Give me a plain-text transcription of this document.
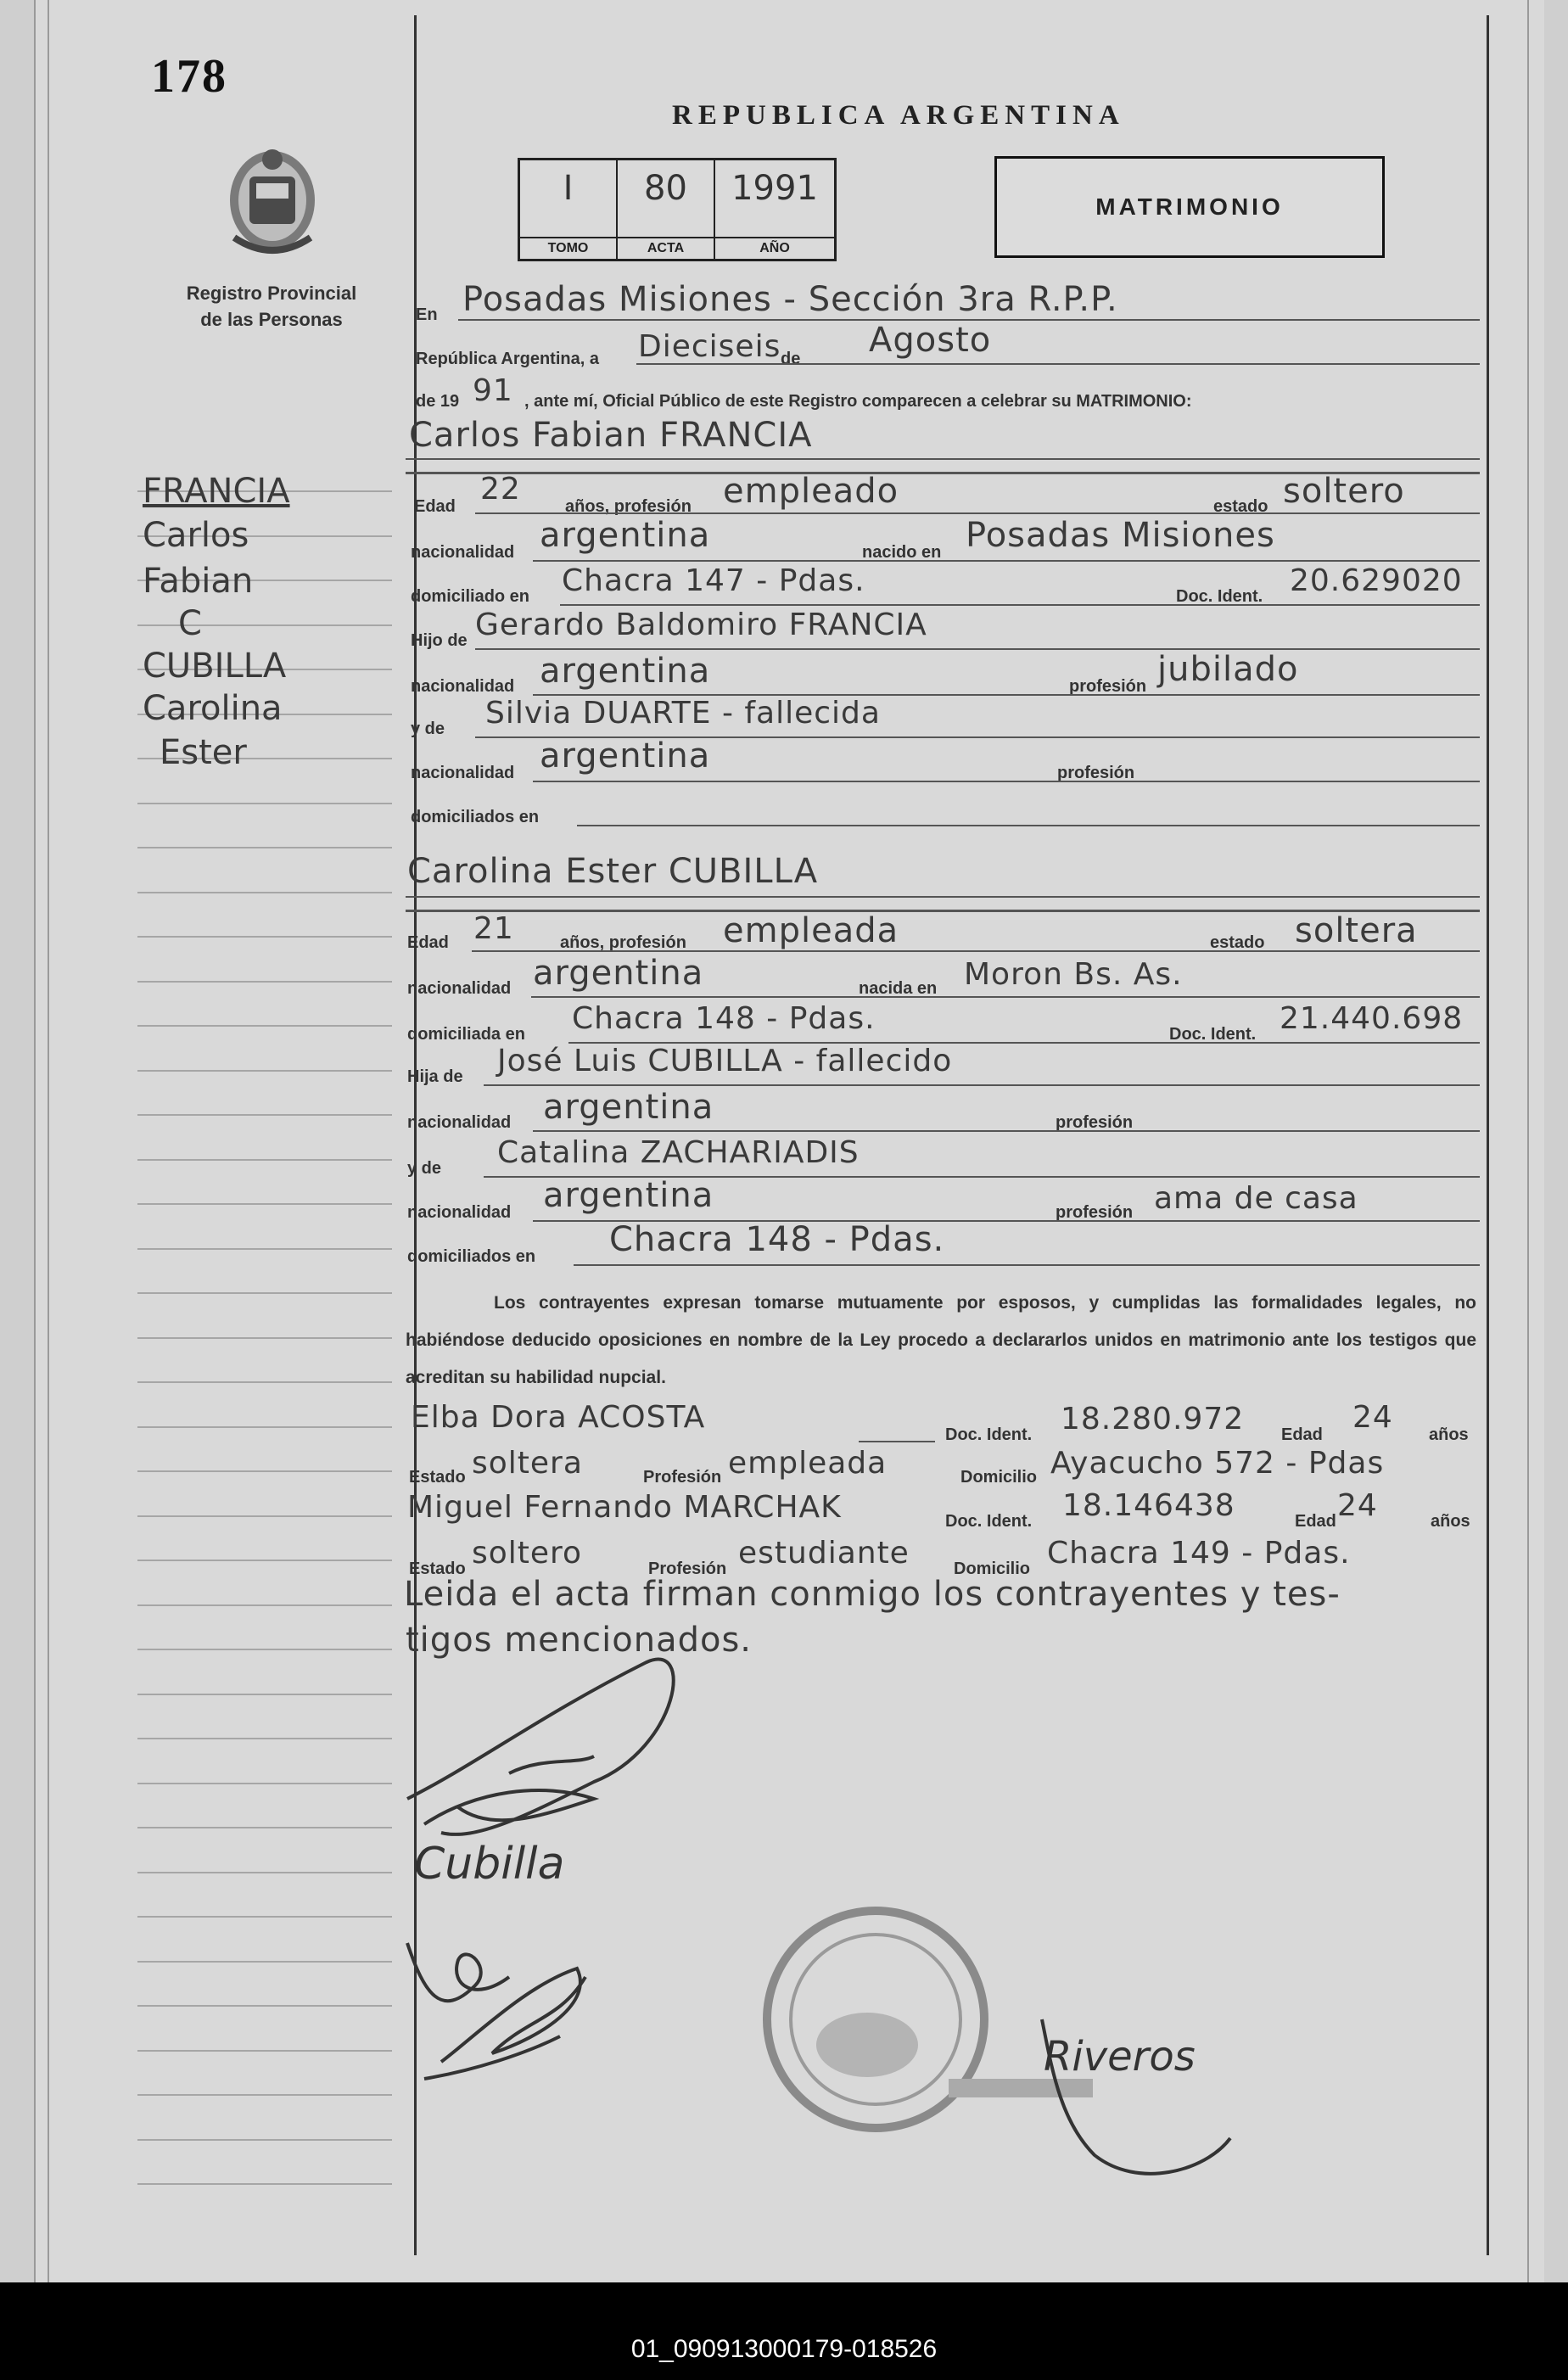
178
Registro Provincial
de las Personas
REPUBLICA ARGENTINA
I
TOMO
80
ACTA
1991
AÑO
MATRIMONIO
FRANCIA
Carlos
Fabian
C
CUBILLA
Carolina
Ester
En Posadas Misiones - Sección 3ra R.P.P.
República Argentina, a Dieciseis de Agosto
de 19 91 , ante mí, Oficial Público de este Registro comparecen a celebrar su MATRIMONIO:
Carlos Fabian FRANCIA
Edad 22	años, profesión empleado	estado soltero
nacionalidad argentina	nacido en Posadas Misiones
domiciliado en Chacra 147 - Pdas.	Doc. Ident. 20.629020
Hijo de Gerardo Baldomiro FRANCIA
nacionalidad argentina	profesión jubilado
y de Silvia DUARTE - fallecida
nacionalidad argentina	profesión
domiciliados en
Carolina Ester CUBILLA
Edad 21	años, profesión empleada	estado soltera
nacionalidad argentina	nacida en Moron Bs. As.
domiciliada en Chacra 148 - Pdas.	Doc. Ident. 21.440.698
Hija de José Luis CUBILLA - fallecido
nacionalidad argentina	profesión
y de Catalina ZACHARIADIS
nacionalidad argentina	profesión ama de casa
domiciliados en Chacra 148 - Pdas.
Los contrayentes expresan tomarse mutuamente por esposos, y cumplidas las formalidades legales, no habiéndose deducido oposiciones en nombre de la Ley procedo a declararlos unidos en matrimonio ante los testigos que acreditan su habilidad nupcial.
Elba Dora ACOSTA	Doc. Ident. 18.280.972 Edad 24 años
Estado soltera	Profesión empleada	Domicilio Ayacucho 572 - Pdas
Miguel Fernando MARCHAK	Doc. Ident. 18.146438	Edad 24	años
Estado soltero	Profesión estudiante	Domicilio Chacra 149 - Pdas.
Leida el acta firman conmigo los contrayentes y tes-
tigos mencionados.
Cubilla
Riveros
01_090913000179-018526
